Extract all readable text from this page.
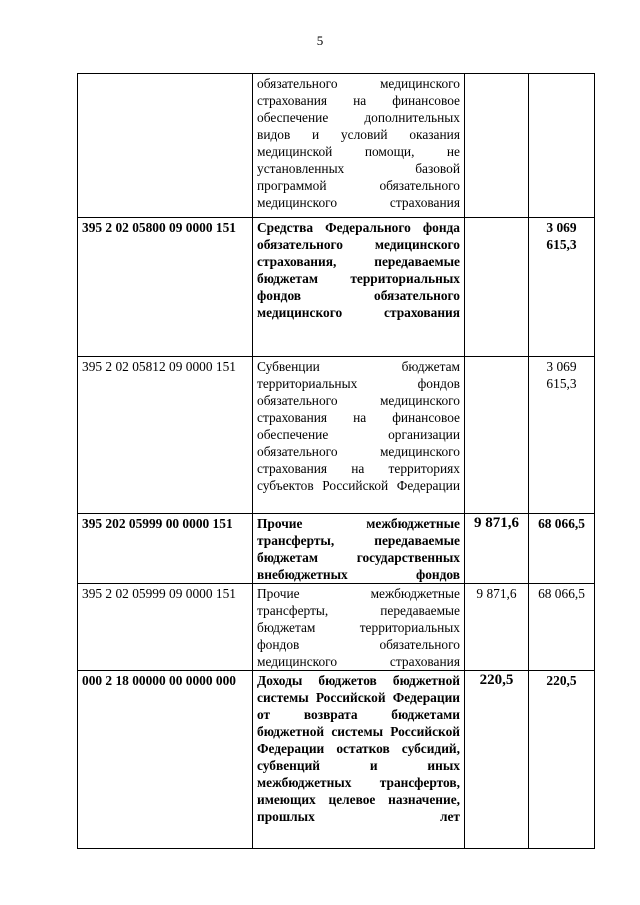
5
	обязательного медицинского страхования на финансовое обеспечение дополнительных видов и условий оказания медицинской помощи, не установленных базовой программой обязательного медицинского страхования		
395 2 02 05800 09 0000 151	Средства Федерального фонда обязательного медицинского страхования, передаваемые бюджетам территориальных фондов обязательного медицинского страхования		3 069 615,3
395 2 02 05812 09 0000 151	Субвенции бюджетам территориальных фондов обязательного медицинского страхования на финансовое обеспечение организации обязательного медицинского страхования на территориях субъектов Российской Федерации		3 069 615,3
395 202 05999 00 0000 151	Прочие межбюджетные трансферты, передаваемые бюджетам государственных внебюджетных фондов	9 871,6	68 066,5
395 2 02 05999 09 0000 151	Прочие межбюджетные трансферты, передаваемые бюджетам территориальных фондов обязательного медицинского страхования	9 871,6	68 066,5
000 2 18 00000 00 0000 000	Доходы бюджетов бюджетной системы Российской Федерации от возврата бюджетами бюджетной системы Российской Федерации остатков субсидий, субвенций и иных межбюджетных трансфертов, имеющих целевое назначение, прошлых лет	220,5	220,5
